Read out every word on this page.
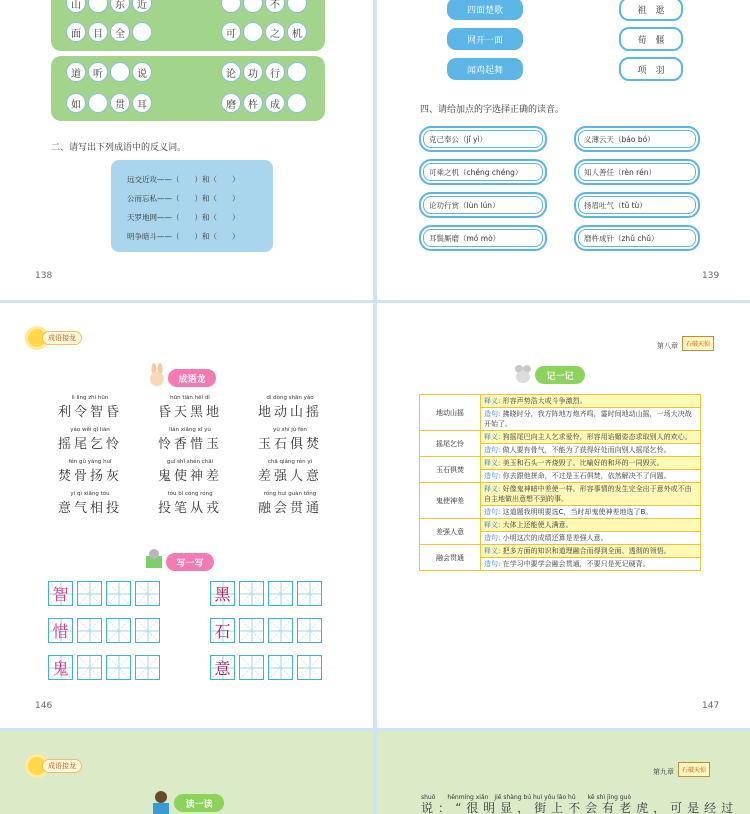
山	东	近	不
面	目	全	可	之	机
道	听	说	论	功	行
如	贯	耳	磨	杵	成
二、请写出下列成语中的反义词。
远交近攻——（　　）和（　　）
公而忘私——（　　）和（　　）
天罗地网——（　　）和（　　）
明争暗斗——（　　）和（　　）
138
四面楚歌
网开一面
闻鸡起舞
祖　逖
荀　偃
项　羽
四、请给加点的字选择正确的读音。
克己奉公（jǐ yì）
可乘之机（chéng chéng）
论功行赏（lùn lún）
耳鬓厮磨（mó mò）
义薄云天（báo bó）
知人善任（rèn rén）
扬眉吐气（tǔ tù）
磨杵成针（zhǔ chǔ）
139
成语接龙
成语龙
lì lìng zhì hūn
利令智昏
hūn tiān hēi dì
昏天黑地
dì dòng shān yáo
地动山摇
yáo wěi qǐ lián
摇尾乞怜
lián xiāng xī yù
怜香惜玉
yù shí jù fén
玉石俱焚
fén gǔ yáng huī
焚骨扬灰
guǐ shǐ shén chāi
鬼使神差
chā qiáng rén yì
差强人意
yì qì xiāng tóu
意气相投
tóu bǐ cóng róng
投笔从戎
róng huì guàn tōng
融会贯通
写一写
智
惜
鬼
黑
石
意
146
第八章	石破天惊
记一记
地动山摇	释义: 形容声势浩大或斗争激烈。
	造句: 拂晓时分，我方阵地万炮齐鸣，霎时间地动山摇，一场大决战开始了。
摇尾乞怜	释义: 狗摇尾巴向主人乞求爱怜，形容用谄媚姿态求取别人的欢心。
	造句: 做人要有骨气，不能为了获得好处而向别人摇尾乞怜。
玉石俱焚	释义: 美玉和石头一齐烧毁了。比喻好的和坏的一同毁灭。
	造句: 你去跟他拼命，不过是玉石俱焚，依然解决不了问题。
鬼使神差	释义: 好像鬼神暗中差使一样。形容事情的发生完全出于意外或不由自主地做出意想不到的事。
	造句: 这道题我明明要选C，当时却鬼使神差地选了B。
差强人意	释义: 大体上还能使人满意。
	造句: 小明这次的成绩还算是差强人意。
融会贯通	释义: 把多方面的知识和道理融合而得到全面、透彻的领悟。
	造句: 在学习中要学会融会贯通，不要只是死记硬背。
147
成语接龙
读一读
第九章	石破天惊
shuō　　hěnmíng xiǎn　jiē shàng bú huì yǒu lǎo hǔ　　kě shì jīng guò
说：“很明显，街上不会有老虎，可是经过
